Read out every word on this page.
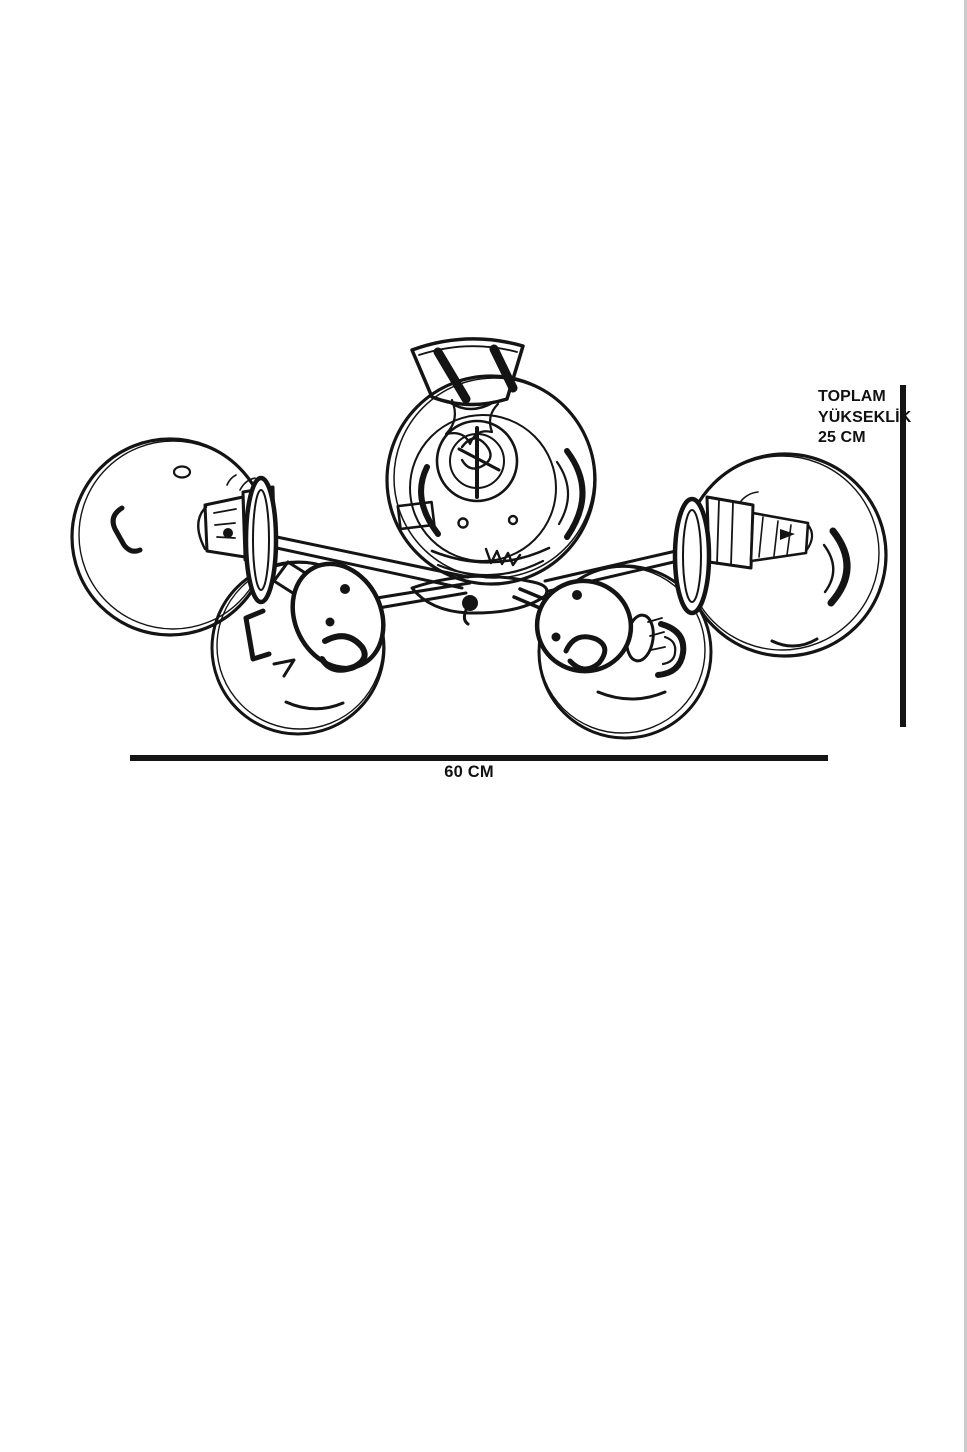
TOPLAM
YÜKSEKLİK
25 CM
60 CM
